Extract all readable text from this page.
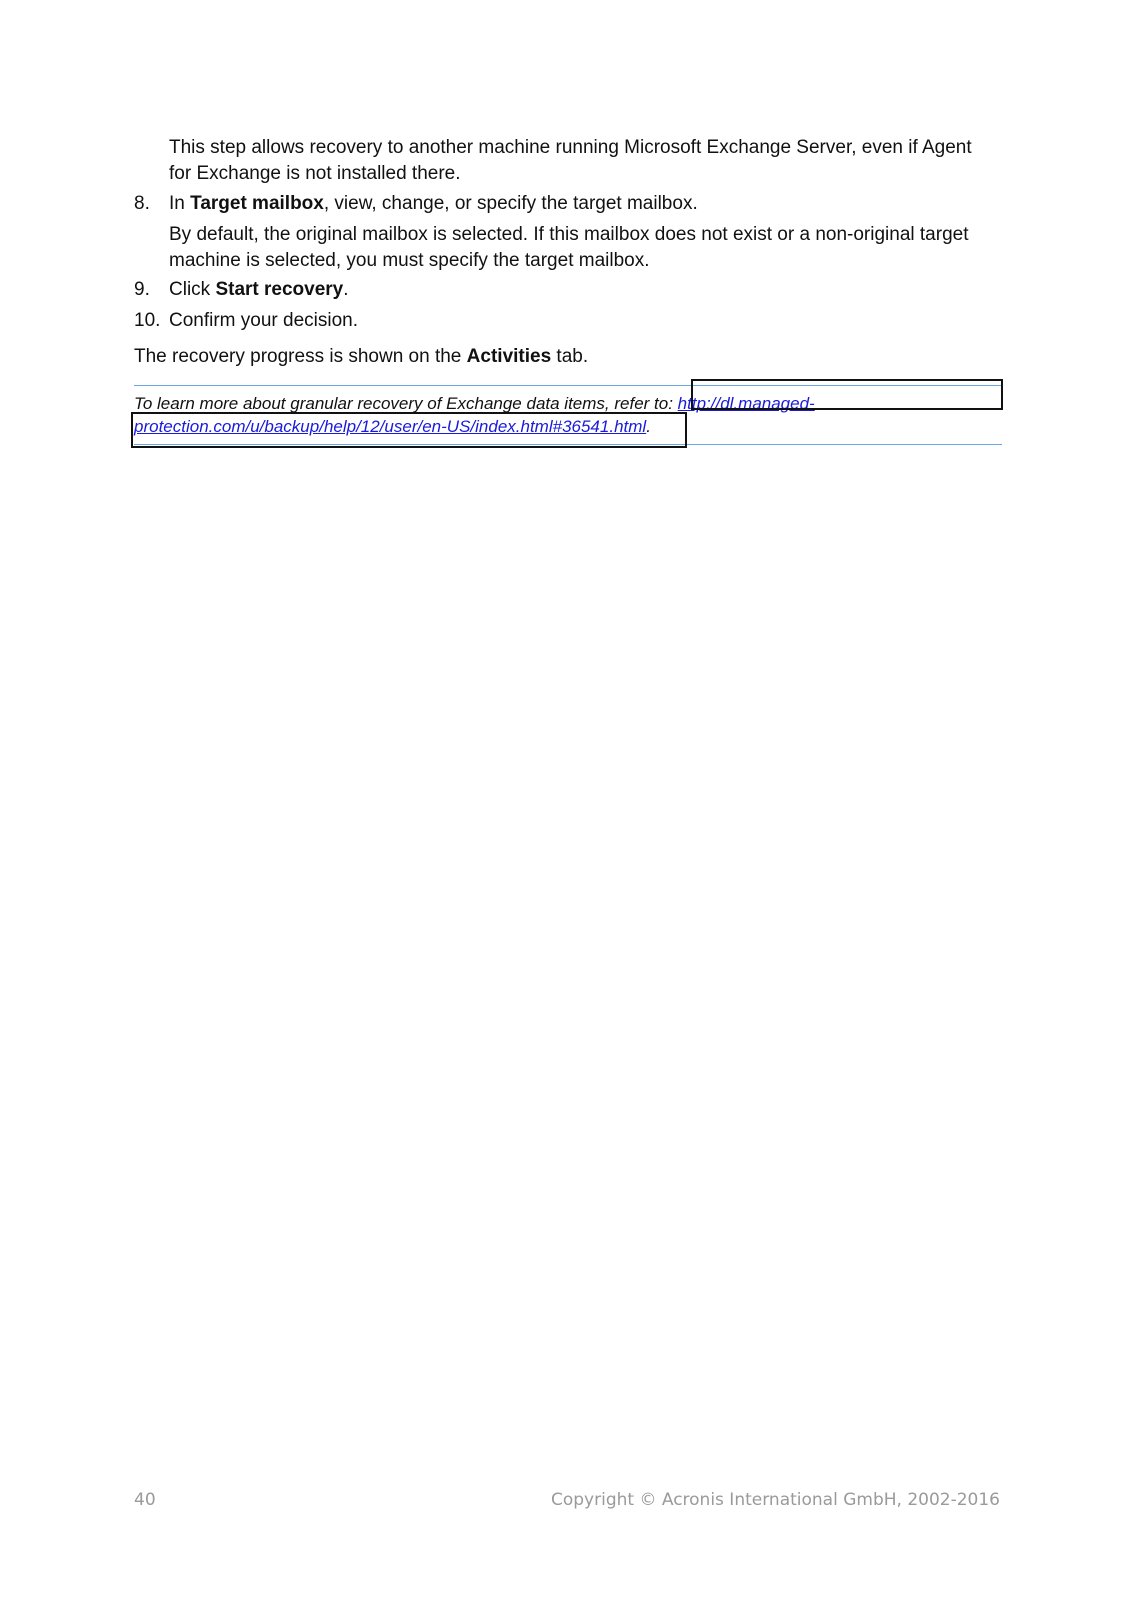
This step allows recovery to another machine running Microsoft Exchange Server, even if Agent for Exchange is not installed there.
8. In Target mailbox, view, change, or specify the target mailbox.
By default, the original mailbox is selected. If this mailbox does not exist or a non-original target machine is selected, you must specify the target mailbox.
9. Click Start recovery.
10. Confirm your decision.
The recovery progress is shown on the Activities tab.
To learn more about granular recovery of Exchange data items, refer to: http://dl.managed-protection.com/u/backup/help/12/user/en-US/index.html#36541.html.
40	Copyright © Acronis International GmbH, 2002-2016
